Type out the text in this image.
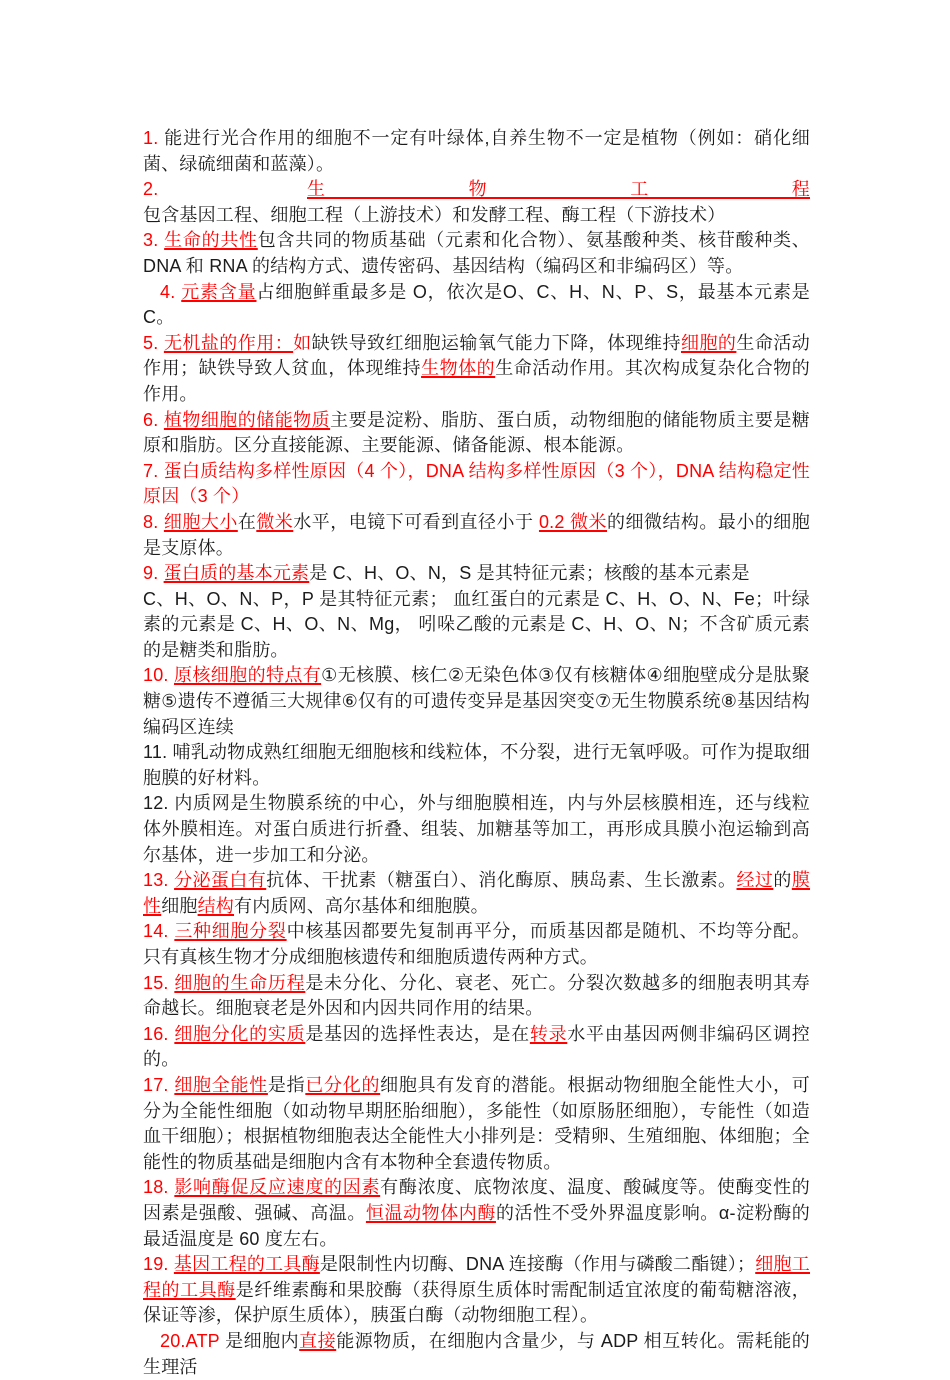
1. 能进行光合作用的细胞不一定有叶绿体,自养生物不一定是植物（例如：硝化细菌、绿硫细菌和蓝藻）。

2. 生物工程包含基因工程、细胞工程（上游技术）和发酵工程、酶工程（下游技术）

3. 生命的共性包含共同的物质基础（元素和化合物）、氨基酸种类、核苷酸种类、DNA 和 RNA 的结构方式、遗传密码、基因结构（编码区和非编码区）等。

4. 元素含量占细胞鲜重最多是 O，依次是O、C、H、N、P、S，最基本元素是 C。

5. 无机盐的作用：如缺铁导致红细胞运输氧气能力下降，体现维持细胞的生命活动作用；缺铁导致人贫血，体现维持生物体的生命活动作用。其次构成复杂化合物的作用。

6. 植物细胞的储能物质主要是淀粉、脂肪、蛋白质，动物细胞的储能物质主要是糖原和脂肪。区分直接能源、主要能源、储备能源、根本能源。

7. 蛋白质结构多样性原因（4 个），DNA 结构多样性原因（3 个），DNA 结构稳定性原因（3 个）

8. 细胞大小在微米水平，电镜下可看到直径小于 0.2 微米的细微结构。最小的细胞是支原体。

9. 蛋白质的基本元素是 C、H、O、N，S 是其特征元素；核酸的基本元素是
C、H、O、N、P，P 是其特征元素； 血红蛋白的元素是 C、H、O、N、Fe；叶绿素的元素是 C、H、O、N、Mg， 吲哚乙酸的元素是 C、H、O、N；不含矿质元素的是糖类和脂肪。

10. 原核细胞的特点有①无核膜、核仁②无染色体③仅有核糖体④细胞壁成分是肽聚糖⑤遗传不遵循三大规律⑥仅有的可遗传变异是基因突变⑦无生物膜系统⑧基因结构编码区连续

11. 哺乳动物成熟红细胞无细胞核和线粒体，不分裂，进行无氧呼吸。可作为提取细胞膜的好材料。

12. 内质网是生物膜系统的中心，外与细胞膜相连，内与外层核膜相连，还与线粒体外膜相连。对蛋白质进行折叠、组装、加糖基等加工，再形成具膜小泡运输到高尔基体，进一步加工和分泌。

13. 分泌蛋白有抗体、干扰素（糖蛋白）、消化酶原、胰岛素、生长激素。经过的膜性细胞结构有内质网、高尔基体和细胞膜。

14. 三种细胞分裂中核基因都要先复制再平分，而质基因都是随机、不均等分配。只有真核生物才分成细胞核遗传和细胞质遗传两种方式。

15. 细胞的生命历程是未分化、分化、衰老、死亡。分裂次数越多的细胞表明其寿命越长。细胞衰老是外因和内因共同作用的结果。

16. 细胞分化的实质是基因的选择性表达，是在转录水平由基因两侧非编码区调控的。

17. 细胞全能性是指已分化的细胞具有发育的潜能。根据动物细胞全能性大小，可分为全能性细胞（如动物早期胚胎细胞），多能性（如原肠胚细胞），专能性（如造血干细胞）；根据植物细胞表达全能性大小排列是：受精卵、生殖细胞、体细胞；全能性的物质基础是细胞内含有本物种全套遗传物质。

18. 影响酶促反应速度的因素有酶浓度、底物浓度、温度、酸碱度等。使酶变性的因素是强酸、强碱、高温。恒温动物体内酶的活性不受外界温度影响。α-淀粉酶的最适温度是 60 度左右。

19. 基因工程的工具酶是限制性内切酶、DNA 连接酶（作用与磷酸二酯键）；细胞工程的工具酶是纤维素酶和果胶酶（获得原生质体时需配制适宜浓度的葡萄糖溶液，保证等渗，保护原生质体），胰蛋白酶（动物细胞工程）。

20.ATP 是细胞内直接能源物质，在细胞内含量少，与 ADP 相互转化。需耗能的生理活
